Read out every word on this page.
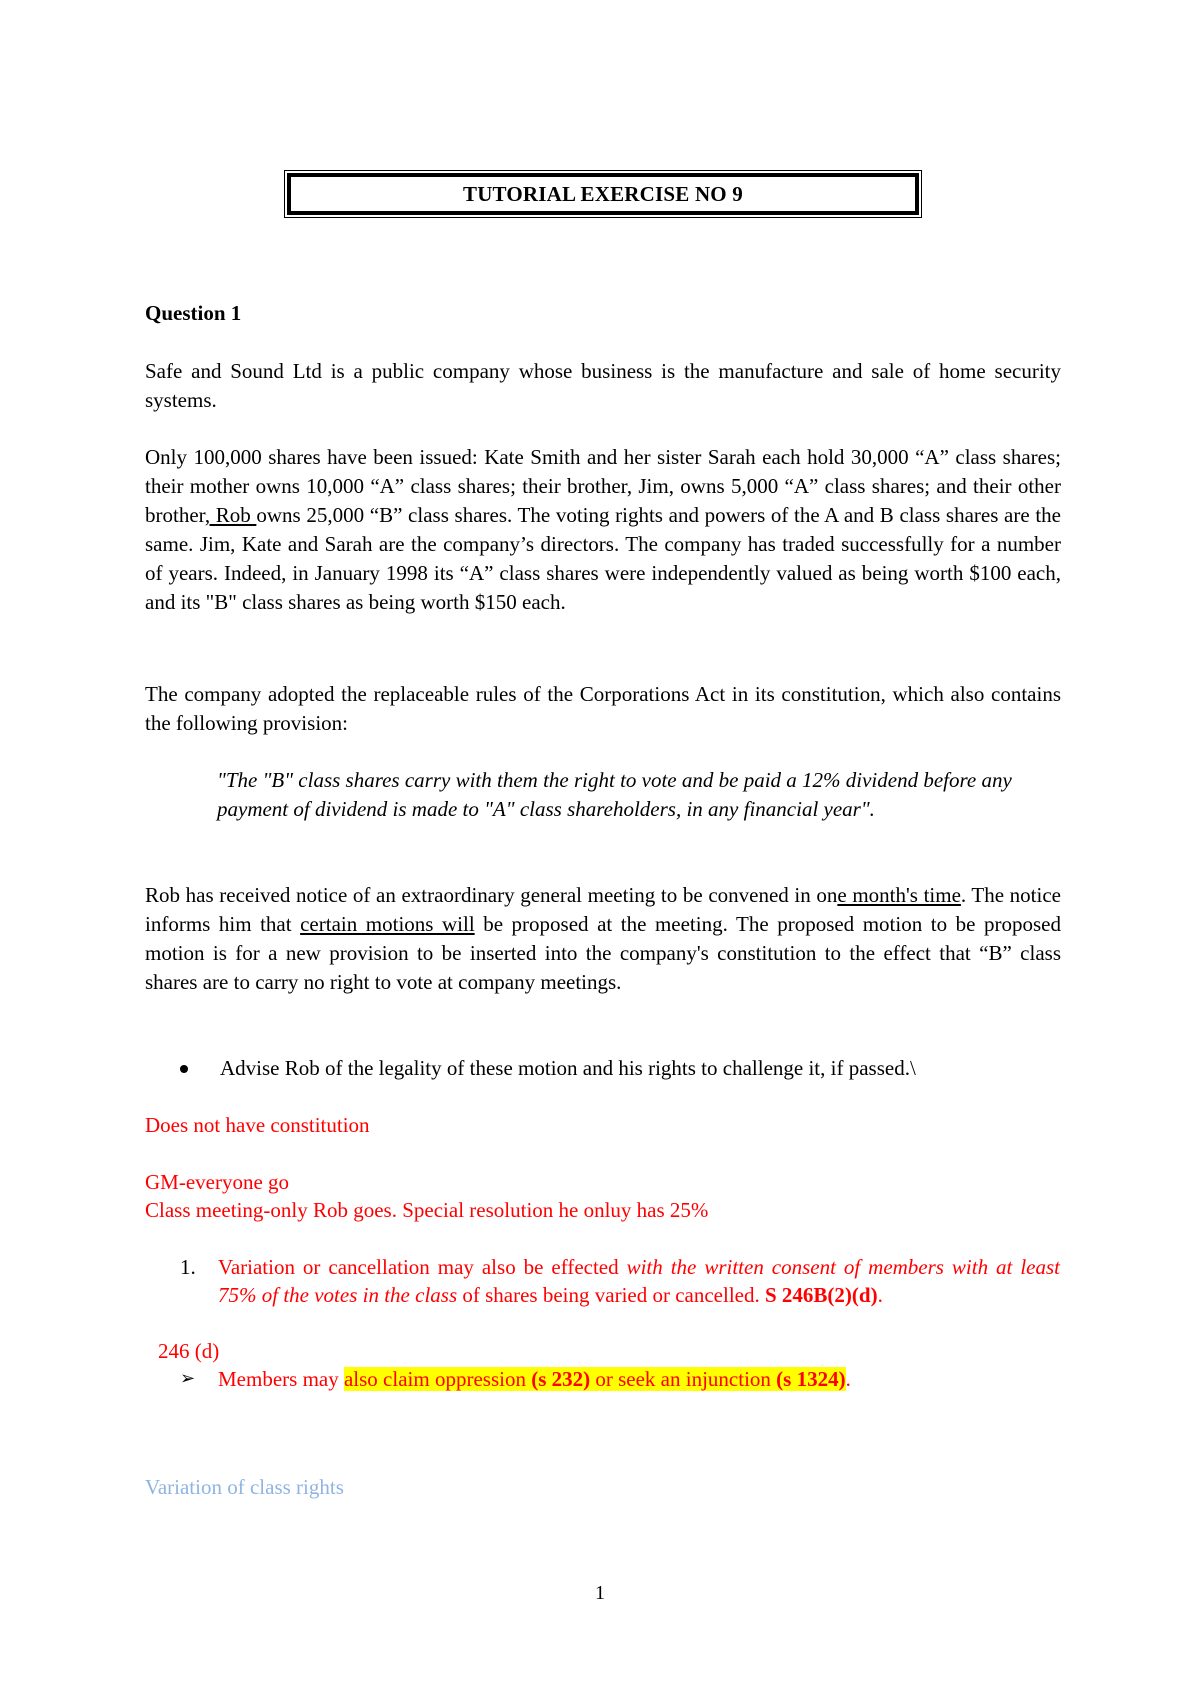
TUTORIAL EXERCISE NO 9
Question 1
Safe and Sound Ltd is a public company whose business is the manufacture and sale of home security systems.
Only 100,000 shares have been issued: Kate Smith and her sister Sarah each hold 30,000 “A” class shares; their mother owns 10,000 “A” class shares; their brother, Jim, owns 5,000 “A” class shares; and their other brother, Rob owns 25,000 “B” class shares. The voting rights and powers of the A and B class shares are the same. Jim, Kate and Sarah are the company’s directors. The company has traded successfully for a number of years. Indeed, in January 1998 its “A” class shares were independently valued as being worth $100 each, and its "B" class shares as being worth $150 each.
The company adopted the replaceable rules of the Corporations Act in its constitution, which also contains the following provision:
"The "B" class shares carry with them the right to vote and be paid a 12% dividend before any payment of dividend is made to "A" class shareholders, in any financial year".
Rob has received notice of an extraordinary general meeting to be convened in one month's time. The notice informs him that certain motions will be proposed at the meeting. The proposed motion to be proposed motion is for a new provision to be inserted into the company's constitution to the effect that “B” class shares are to carry no right to vote at company meetings.
Advise Rob of the legality of these motion and his rights to challenge it, if passed.\
Does not have constitution
GM-everyone go
Class meeting-only Rob goes. Special resolution he onluy has 25%
1. Variation or cancellation may also be effected with the written consent of members with at least 75% of the votes in the class of shares being varied or cancelled. S 246B(2)(d).
246 (d)
➢ Members may also claim oppression (s 232) or seek an injunction (s 1324).
Variation of class rights
1
